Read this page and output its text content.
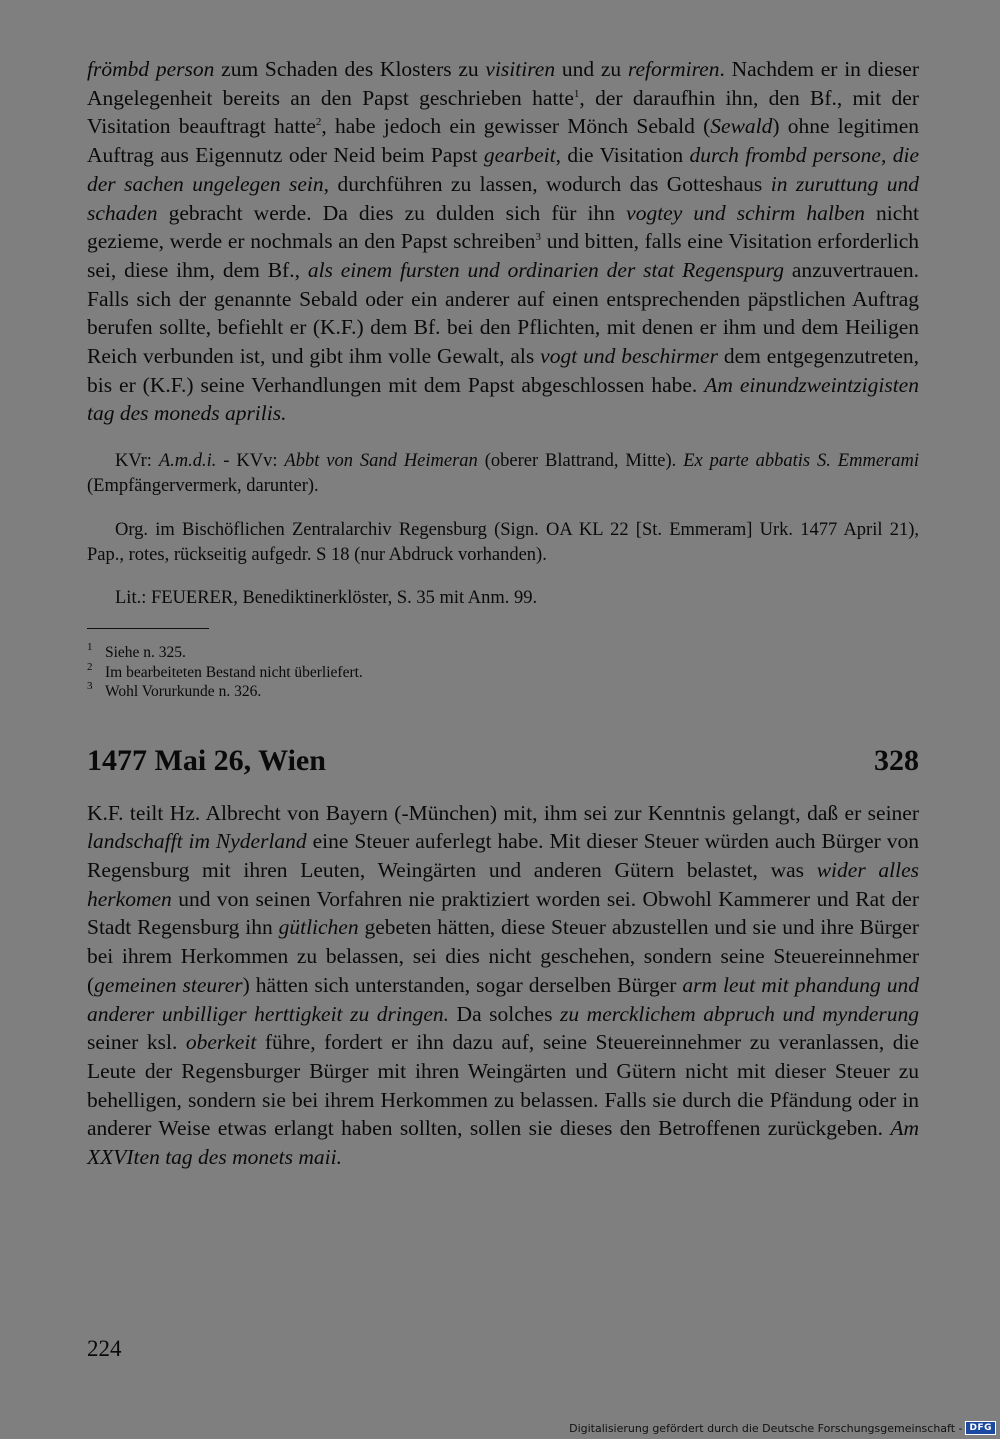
frömbd person zum Schaden des Klosters zu visitiren und zu reformiren. Nachdem er in dieser Angelegenheit bereits an den Papst geschrieben hatte$^1$, der daraufhin ihn, den Bf., mit der Visitation beauftragt hatte$^2$, habe jedoch ein gewisser Mönch Sebald (Sewald) ohne legitimen Auftrag aus Eigennutz oder Neid beim Papst gearbeit, die Visitation durch frombd persone, die der sachen ungelegen sein, durchführen zu lassen, wodurch das Gotteshaus in zuruttung und schaden gebracht werde. Da dies zu dulden sich für ihn vogtey und schirm halben nicht gezieme, werde er nochmals an den Papst schreiben$^3$ und bitten, falls eine Visitation erforderlich sei, diese ihm, dem Bf., als einem fursten und ordinarien der stat Regenspurg anzuvertrauen. Falls sich der genannte Sebald oder ein anderer auf einen entsprechenden päpstlichen Auftrag berufen sollte, befiehlt er (K.F.) dem Bf. bei den Pflichten, mit denen er ihm und dem Heiligen Reich verbunden ist, und gibt ihm volle Gewalt, als vogt und beschirmer dem entgegenzutreten, bis er (K.F.) seine Verhandlungen mit dem Papst abgeschlossen habe. Am einundzweintzigisten tag des moneds aprilis.

KVr: A.m.d.i. - KVv: Abbt von Sand Heimeran (oberer Blattrand, Mitte). Ex parte abbatis S. Emmerami (Empfängervermerk, darunter).

Org. im Bischöflichen Zentralarchiv Regensburg (Sign. OA KL 22 [St. Emmeram] Urk. 1477 April 21), Pap., rotes, rückseitig aufgedr. S 18 (nur Abdruck vorhanden).

Lit.: FEUERER, Benediktinerklöster, S. 35 mit Anm. 99.

1 Siehe n. 325.
2 Im bearbeiteten Bestand nicht überliefert.
3 Wohl Vorurkunde n. 326.
1477 Mai 26, Wien	328

K.F. teilt Hz. Albrecht von Bayern (-München) mit, ihm sei zur Kenntnis gelangt, daß er seiner landschafft im Nyderland eine Steuer auferlegt habe. Mit dieser Steuer würden auch Bürger von Regensburg mit ihren Leuten, Weingärten und anderen Gütern belastet, was wider alles herkomen und von seinen Vorfahren nie praktiziert worden sei. Obwohl Kammerer und Rat der Stadt Regensburg ihn gütlichen gebeten hätten, diese Steuer abzustellen und sie und ihre Bürger bei ihrem Herkommen zu belassen, sei dies nicht geschehen, sondern seine Steuereinnehmer (gemeinen steurer) hätten sich unterstanden, sogar derselben Bürger arm leut mit phandung und anderer unbilliger herttigkeit zu dringen. Da solches zu mercklichem abpruch und mynderung seiner ksl. oberkeit führe, fordert er ihn dazu auf, seine Steuereinnehmer zu veranlassen, die Leute der Regensburger Bürger mit ihren Weingärten und Gütern nicht mit dieser Steuer zu behelligen, sondern sie bei ihrem Herkommen zu belassen. Falls sie durch die Pfändung oder in anderer Weise etwas erlangt haben sollten, sollen sie dieses den Betroffenen zurückgeben. Am XXVIten tag des monets maii.

224
Digitalisierung gefördert durch die Deutsche Forschungsgemeinschaft - DFG
